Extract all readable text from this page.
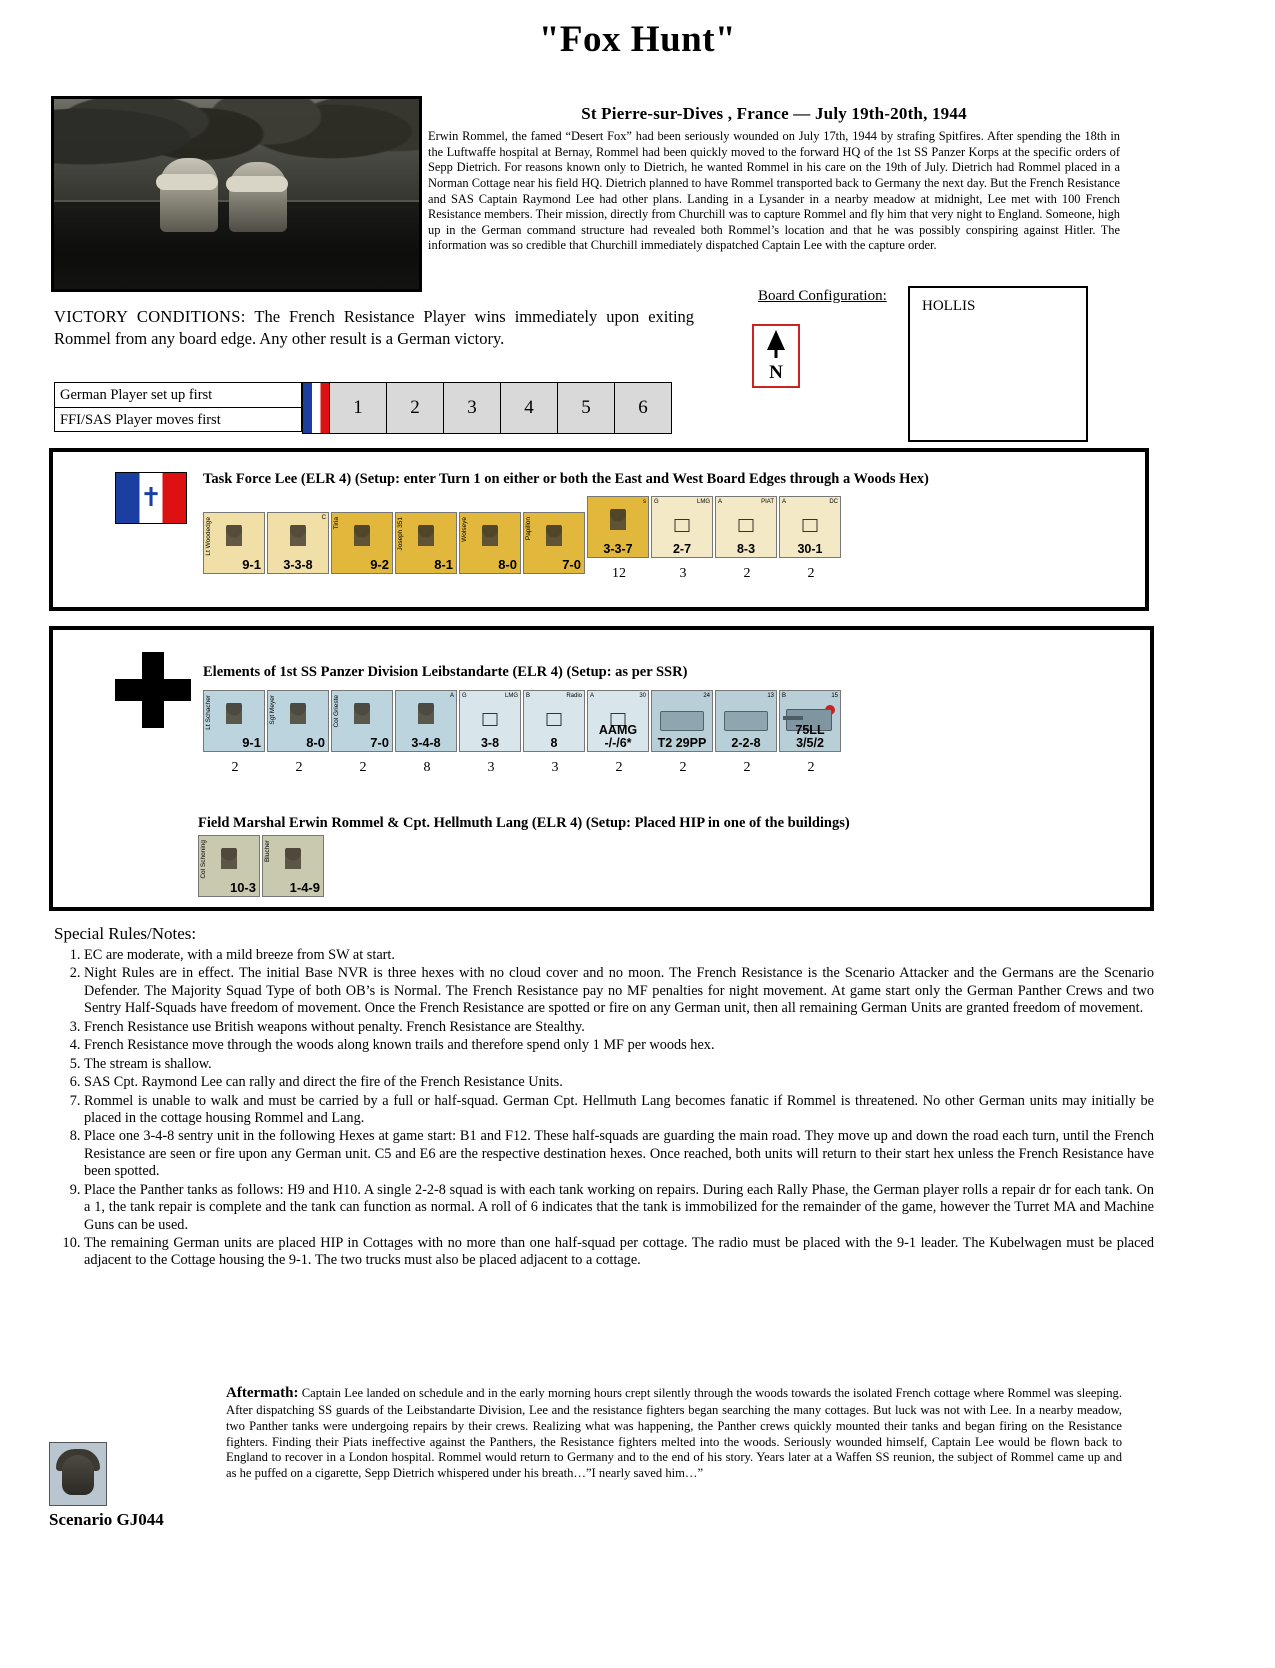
"Fox Hunt"
St Pierre-sur-Dives , France — July 19th-20th, 1944

Erwin Rommel, the famed “Desert Fox” had been seriously wounded on July 17th, 1944 by strafing Spitfires. After spending the 18th in the Luftwaffe hospital at Bernay, Rommel had been quickly moved to the forward HQ of the 1st SS Panzer Korps at the specific orders of Sepp Dietrich. For reasons known only to Dietrich, he wanted Rommel in his care on the 19th of July. Dietrich had Rommel placed in a Norman Cottage near his field HQ. Dietrich planned to have Rommel transported back to Germany the next day. But the French Resistance and SAS Captain Raymond Lee had other plans. Landing in a Lysander in a nearby meadow at midnight, Lee met with 100 French Resistance members. Their mission, directly from Churchill was to capture Rommel and fly him that very night to England. Someone, high up in the German command structure had revealed both Rommel’s location and that he was possibly conspiring against Hitler. The information was so credible that Churchill immediately dispatched Captain Lee with the capture order.

VICTORY CONDITIONS: The French Resistance Player wins immediately upon exiting Rommel from any board edge. Any other result is a German victory.
Board Configuration:
HOLLIS
N
German Player set up first
FFI/SAS Player moves first
1	2	3	4	5	6
✝
Task Force Lee (ELR 4) (Setup: enter Turn 1 on either or both the East and West Board Edges through a Woods Hex)
Lt Woodedge
9-1
C
3-3-8
Tiria
9-2
Joseph 351
8-1
Wolseye
8-0
Papillon
7-0
s
3-3-7
12
G	LMG
2-7
3
A	PIAT
8-3
2
A	DC
30-1
2
Elements of 1st SS Panzer Division Leibstandarte (ELR 4) (Setup: as per SSR)
Lt Schacher
9-1
2
Sgt Meyer
8-0
2
Col Grieste
7-0
2
A
3-4-8
8
G	LMG
3-8
3
B	Radio
8
3
A	30
AAMG -/-/6*
2
24
T2 29PP
2
13
2-2-8
2
B	15
75LL 3/5/2
2
Field Marshal Erwin Rommel & Cpt. Hellmuth Lang (ELR 4) (Setup: Placed HIP in one of the buildings)
Col Schoning
10-3
Blucher
1-4-9
Special Rules/Notes:
1. EC are moderate, with a mild breeze from SW at start.
2. Night Rules are in effect. The initial Base NVR is three hexes with no cloud cover and no moon. The French Resistance is the Scenario Attacker and the Germans are the Scenario Defender. The Majority Squad Type of both OB’s is Normal. The French Resistance pay no MF penalties for night movement. At game start only the German Panther Crews and two Sentry Half-Squads have freedom of movement. Once the French Resistance are spotted or fire on any German unit, then all remaining German Units are granted freedom of movement.
3. French Resistance use British weapons without penalty. French Resistance are Stealthy.
4. French Resistance move through the woods along known trails and therefore spend only 1 MF per woods hex.
5. The stream is shallow.
6. SAS Cpt. Raymond Lee can rally and direct the fire of the French Resistance Units.
7. Rommel is unable to walk and must be carried by a full or half-squad. German Cpt. Hellmuth Lang becomes fanatic if Rommel is threatened. No other German units may initially be placed in the cottage housing Rommel and Lang.
8. Place one 3-4-8 sentry unit in the following Hexes at game start: B1 and F12. These half-squads are guarding the main road. They move up and down the road each turn, until the French Resistance are seen or fire upon any German unit. C5 and E6 are the respective destination hexes. Once reached, both units will return to their start hex unless the French Resistance have been spotted.
9. Place the Panther tanks as follows: H9 and H10. A single 2-2-8 squad is with each tank working on repairs. During each Rally Phase, the German player rolls a repair dr for each tank. On a 1, the tank repair is complete and the tank can function as normal. A roll of 6 indicates that the tank is immobilized for the remainder of the game, however the Turret MA and Machine Guns can be used.
10. The remaining German units are placed HIP in Cottages with no more than one half-squad per cottage. The radio must be placed with the 9-1 leader. The Kubelwagen must be placed adjacent to the Cottage housing the 9-1. The two trucks must also be placed adjacent to a cottage.
Aftermath: Captain Lee landed on schedule and in the early morning hours crept silently through the woods towards the isolated French cottage where Rommel was sleeping. After dispatching SS guards of the Leibstandarte Division, Lee and the resistance fighters began searching the many cottages. But luck was not with Lee. In a nearby meadow, two Panther tanks were undergoing repairs by their crews. Realizing what was happening, the Panther crews quickly mounted their tanks and began firing on the Resistance fighters. Finding their Piats ineffective against the Panthers, the Resistance fighters melted into the woods. Seriously wounded himself, Captain Lee would be flown back to England to recover in a London hospital. Rommel would return to Germany and to the end of his story. Years later at a Waffen SS reunion, the subject of Rommel came up and as he puffed on a cigarette, Sepp Dietrich whispered under his breath…”I nearly saved him…”
Scenario GJ044
